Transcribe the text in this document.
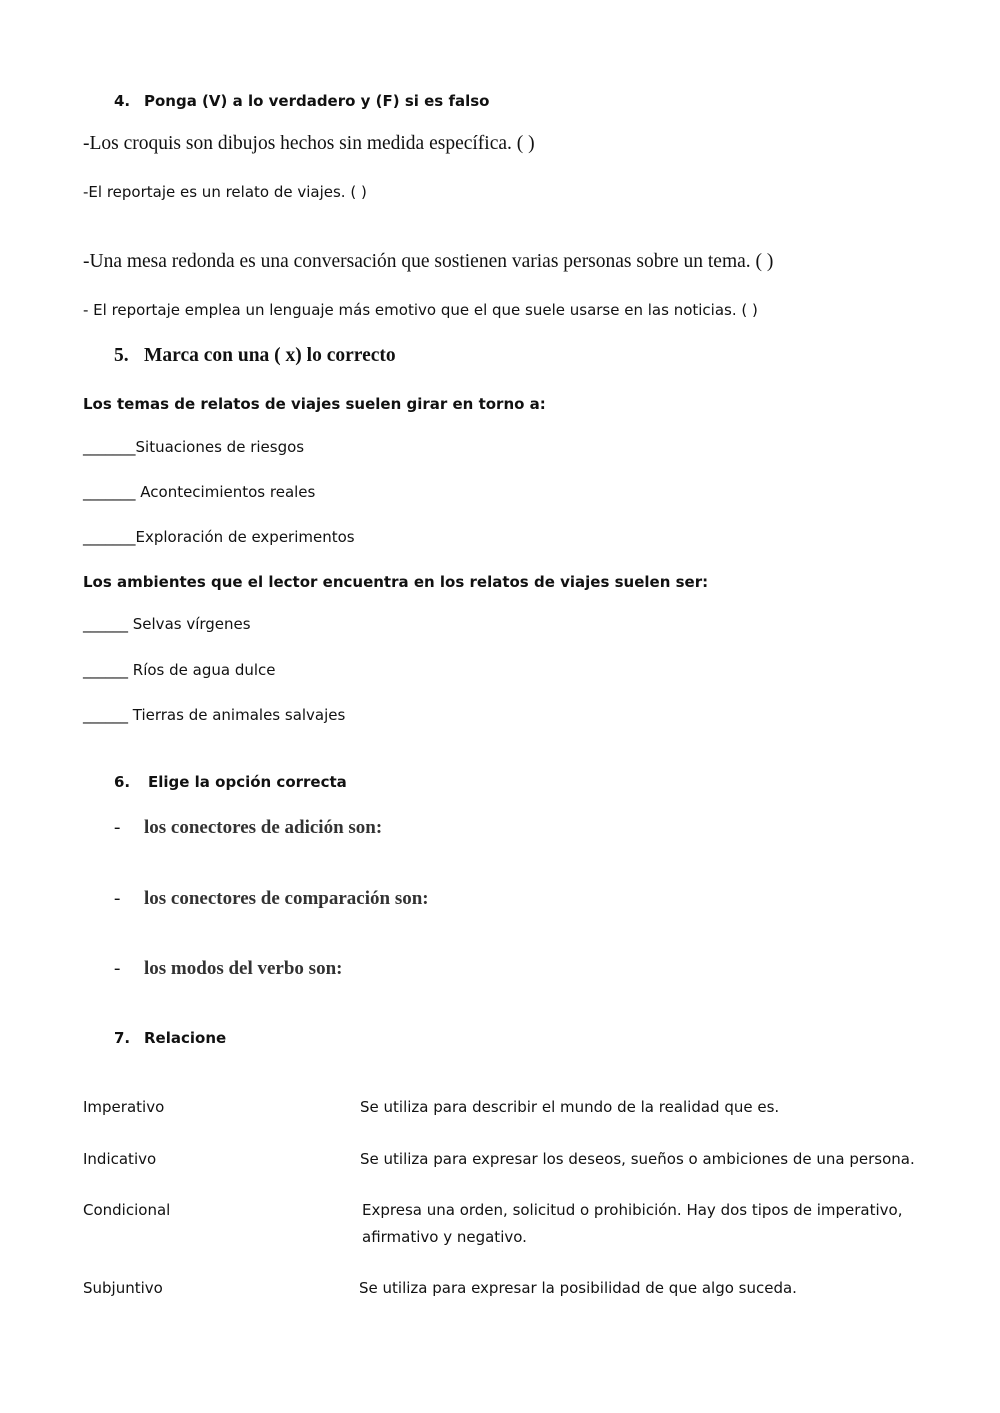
4. Ponga (V) a lo verdadero y (F) si es falso
-Los croquis son dibujos hechos sin medida específica. ( )
-El reportaje es un relato de viajes. ( )
-Una mesa redonda es una conversación que sostienen varias personas sobre un tema. ( )
- El reportaje emplea un lenguaje más emotivo que el que suele usarse en las noticias. ( )
5. Marca con una ( x) lo correcto
Los temas de relatos de viajes suelen girar en torno a:
_______Situaciones de riesgos
_______ Acontecimientos reales
_______Exploración de experimentos
Los ambientes que el lector encuentra en los relatos de viajes suelen ser:
______ Selvas vírgenes
______ Ríos de agua dulce
______ Tierras de animales salvajes
6. Elige la opción correcta
- los conectores de adición son:
- los conectores de comparación son:
- los modos del verbo son:
7. Relacione
Imperativo
Indicativo
Condicional
Subjuntivo
Se utiliza para describir el mundo de la realidad que es.
Se utiliza para expresar los deseos, sueños o ambiciones de una persona.
Expresa una orden, solicitud o prohibición. Hay dos tipos de imperativo,
afirmativo y negativo.
Se utiliza para expresar la posibilidad de que algo suceda.
